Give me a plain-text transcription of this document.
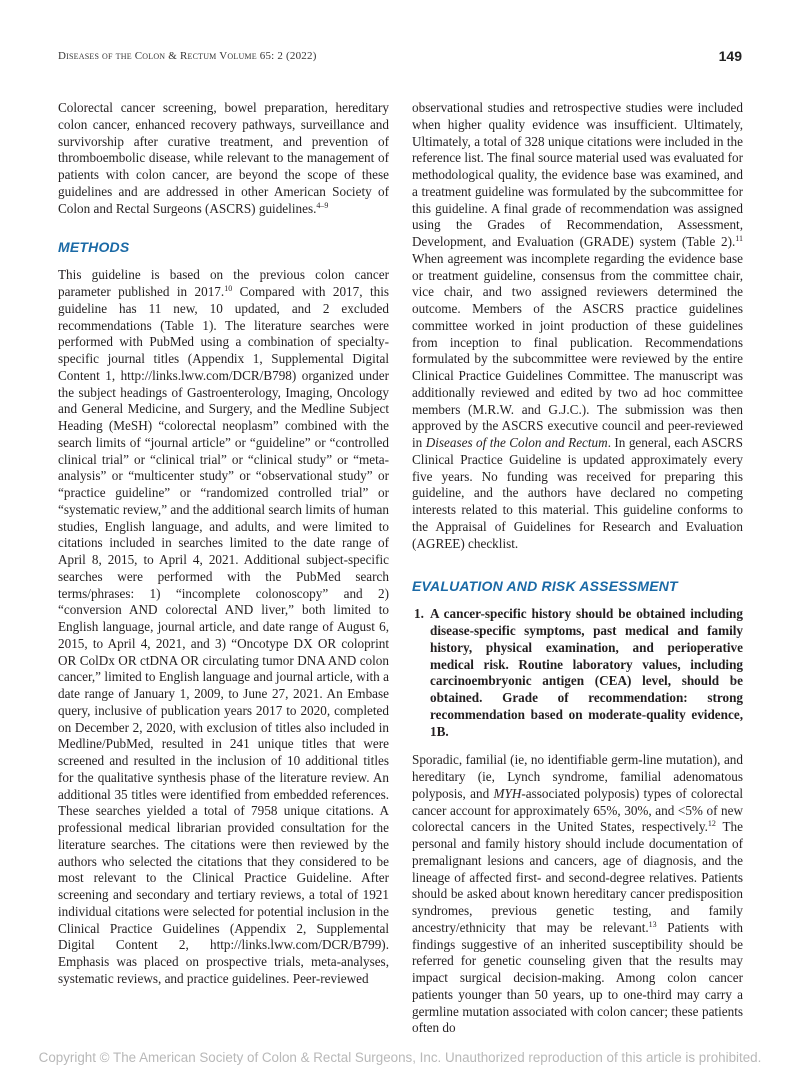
Diseases of the Colon & Rectum Volume 65: 2 (2022)	149

Colorectal cancer screening, bowel preparation, hereditary colon cancer, enhanced recovery pathways, surveillance and survivorship after curative treatment, and prevention of thromboembolic disease, while relevant to the management of patients with colon cancer, are beyond the scope of these guidelines and are addressed in other American Society of Colon and Rectal Surgeons (ASCRS) guidelines.$^{4-9}$

METHODS

This guideline is based on the previous colon cancer parameter published in 2017.10 Compared with 2017, this guideline has 11 new, 10 updated, and 2 excluded recommendations (Table 1). The literature searches were performed with PubMed using a combination of specialty-specific journal titles (Appendix 1, Supplemental Digital Content 1, http://links.lww.com/DCR/B798) organized under the subject headings of Gastroenterology, Imaging, Oncology and General Medicine, and Surgery, and the Medline Subject Heading (MeSH) “colorectal neoplasm” combined with the search limits of “journal article” or “guideline” or “controlled clinical trial” or “clinical trial” or “clinical study” or “meta-analysis” or “multicenter study” or “observational study” or “practice guideline” or “randomized controlled trial” or “systematic review,” and the additional search limits of human studies, English language, and adults, and were limited to citations included in searches limited to the date range of April 8, 2015, to April 4, 2021. Additional subject-specific searches were performed with the PubMed search terms/phrases: 1) “incomplete colonoscopy” and 2) “conversion AND colorectal AND liver,” both limited to English language, journal article, and date range of August 6, 2015, to April 4, 2021, and 3) “Oncotype DX OR coloprint OR ColDx OR ctDNA OR circulating tumor DNA AND colon cancer,” limited to English language and journal article, with a date range of January 1, 2009, to June 27, 2021. An Embase query, inclusive of publication years 2017 to 2020, completed on December 2, 2020, with exclusion of titles also included in Medline/PubMed, resulted in 241 unique titles that were screened and resulted in the inclusion of 10 additional titles for the qualitative synthesis phase of the literature review. An additional 35 titles were identified from embedded references. These searches yielded a total of 7958 unique citations. A professional medical librarian provided consultation for the literature searches. The citations were then reviewed by the authors who selected the citations that they considered to be most relevant to the Clinical Practice Guideline. After screening and secondary and tertiary reviews, a total of 1921 individual citations were selected for potential inclusion in the Clinical Practice Guidelines (Appendix 2, Supplemental Digital Content 2, http://links.lww.com/DCR/B799). Emphasis was placed on prospective trials, meta-analyses, systematic reviews, and practice guidelines. Peer-reviewed

observational studies and retrospective studies were included when higher quality evidence was insufficient. Ultimately, Ultimately, a total of 328 unique citations were included in the reference list. The final source material used was evaluated for methodological quality, the evidence base was examined, and a treatment guideline was formulated by the subcommittee for this guideline. A final grade of recommendation was assigned using the Grades of Recommendation, Assessment, Development, and Evaluation (GRADE) system (Table 2).$^{11}$ When agreement was incomplete regarding the evidence base or treatment guideline, consensus from the committee chair, vice chair, and two assigned reviewers determined the outcome. Members of the ASCRS practice guidelines committee worked in joint production of these guidelines from inception to final publication. Recommendations formulated by the subcommittee were reviewed by the entire Clinical Practice Guidelines Committee. The manuscript was additionally reviewed and edited by two ad hoc committee members (M.R.W. and G.J.C.). The submission was then approved by the ASCRS executive council and peer-reviewed in Diseases of the Colon and Rectum. In general, each ASCRS Clinical Practice Guideline is updated approximately every five years. No funding was received for preparing this guideline, and the authors have declared no competing interests related to this material. This guideline conforms to the Appraisal of Guidelines for Research and Evaluation (AGREE) checklist.

EVALUATION AND RISK ASSESSMENT
1. A cancer-specific history should be obtained including disease-specific symptoms, past medical and family history, physical examination, and perioperative medical risk. Routine laboratory values, including carcinoembryonic antigen (CEA) level, should be obtained. Grade of recommendation: strong recommendation based on moderate-quality evidence, 1B.

Sporadic, familial (ie, no identifiable germ-line mutation), and hereditary (ie, Lynch syndrome, familial adenomatous polyposis, and MYH-associated polyposis) types of colorectal cancer account for approximately 65%, 30%, and <5% of new colorectal cancers in the United States, respectively.$^{12}$ The personal and family history should include documentation of premalignant lesions and cancers, age of diagnosis, and the lineage of affected first- and second-degree relatives. Patients should be asked about known hereditary cancer predisposition syndromes, previous genetic testing, and family ancestry/ethnicity that may be relevant.$^{13}$ Patients with findings suggestive of an inherited susceptibility should be referred for genetic counseling given that the results may impact surgical decision-making. Among colon cancer patients younger than 50 years, up to one-third may carry a germline mutation associated with colon cancer; these patients often do

Copyright © The American Society of Colon & Rectal Surgeons, Inc. Unauthorized reproduction of this article is prohibited.
